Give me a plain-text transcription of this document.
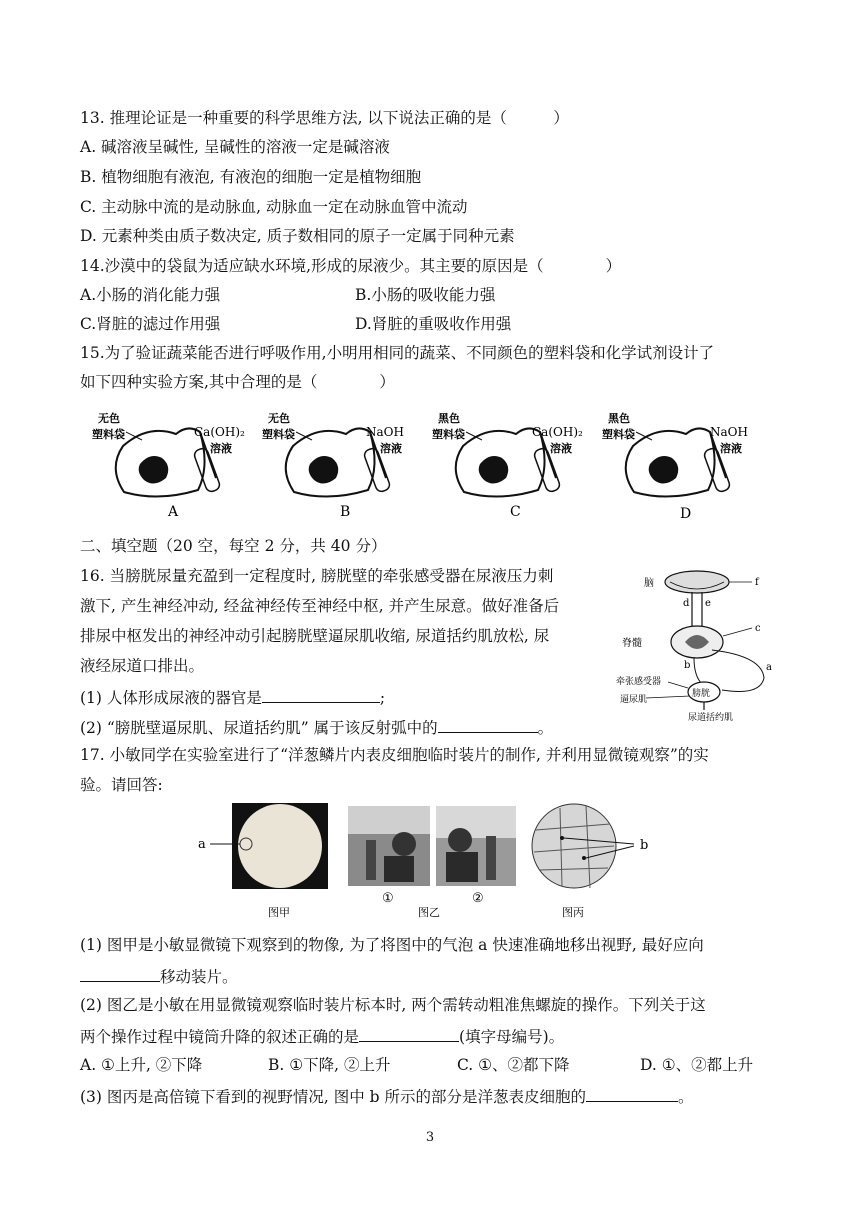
13. 推理论证是一种重要的科学思维方法, 以下说法正确的是（　　　）
A. 碱溶液呈碱性, 呈碱性的溶液一定是碱溶液
B. 植物细胞有液泡, 有液泡的细胞一定是植物细胞
C. 主动脉中流的是动脉血, 动脉血一定在动脉血管中流动
D. 元素种类由质子数决定, 质子数相同的原子一定属于同种元素
14.沙漠中的袋鼠为适应缺水环境,形成的尿液少。其主要的原因是（　　　　）
A.小肠的消化能力强	B.小肠的吸收能力强
C.肾脏的滤过作用强	D.肾脏的重吸收作用强
15.为了验证蔬菜能否进行呼吸作用,小明用相同的蔬菜、不同颜色的塑料袋和化学试剂设计了
如下四种实验方案,其中合理的是（　　　　）
无色
塑料袋	Ca(OH)₂
溶液
A
无色
塑料袋	NaOH
溶液
B
黑色
塑料袋	Ca(OH)₂
溶液
C
黑色
塑料袋	NaOH
溶液
D
二、填空题（20 空，每空 2 分，共 40 分）
16. 当膀胱尿量充盈到一定程度时, 膀胱壁的牵张感受器在尿液压力刺
激下, 产生神经冲动, 经盆神经传至神经中枢, 并产生尿意。做好准备后
排尿中枢发出的神经冲动引起膀胱壁逼尿肌收缩, 尿道括约肌放松, 尿
液经尿道口排出。
(1) 人体形成尿液的器官是	;
(2) “膀胱壁逼尿肌、尿道括约肌” 属于该反射弧中的	。
脑	f
d e
脊髓
c
b	a
膀胱
牵张感受器
逼尿肌
尿道括约肌
17. 小敏同学在实验室进行了“洋葱鳞片内表皮细胞临时装片的制作, 并利用显微镜观察”的实
验。请回答:
a
图甲
①	②
图乙
b
图丙
(1) 图甲是小敏显微镜下观察到的物像, 为了将图中的气泡 a 快速准确地移出视野, 最好应向
移动装片。
(2) 图乙是小敏在用显微镜观察临时装片标本时, 两个需转动粗准焦螺旋的操作。下列关于这
两个操作过程中镜筒升降的叙述正确的是	(填字母编号)。
A. ①上升, ②下降	B. ①下降, ②上升	C. ①、②都下降	D. ①、②都上升
(3) 图丙是高倍镜下看到的视野情况, 图中 b 所示的部分是洋葱表皮细胞的	。
3
